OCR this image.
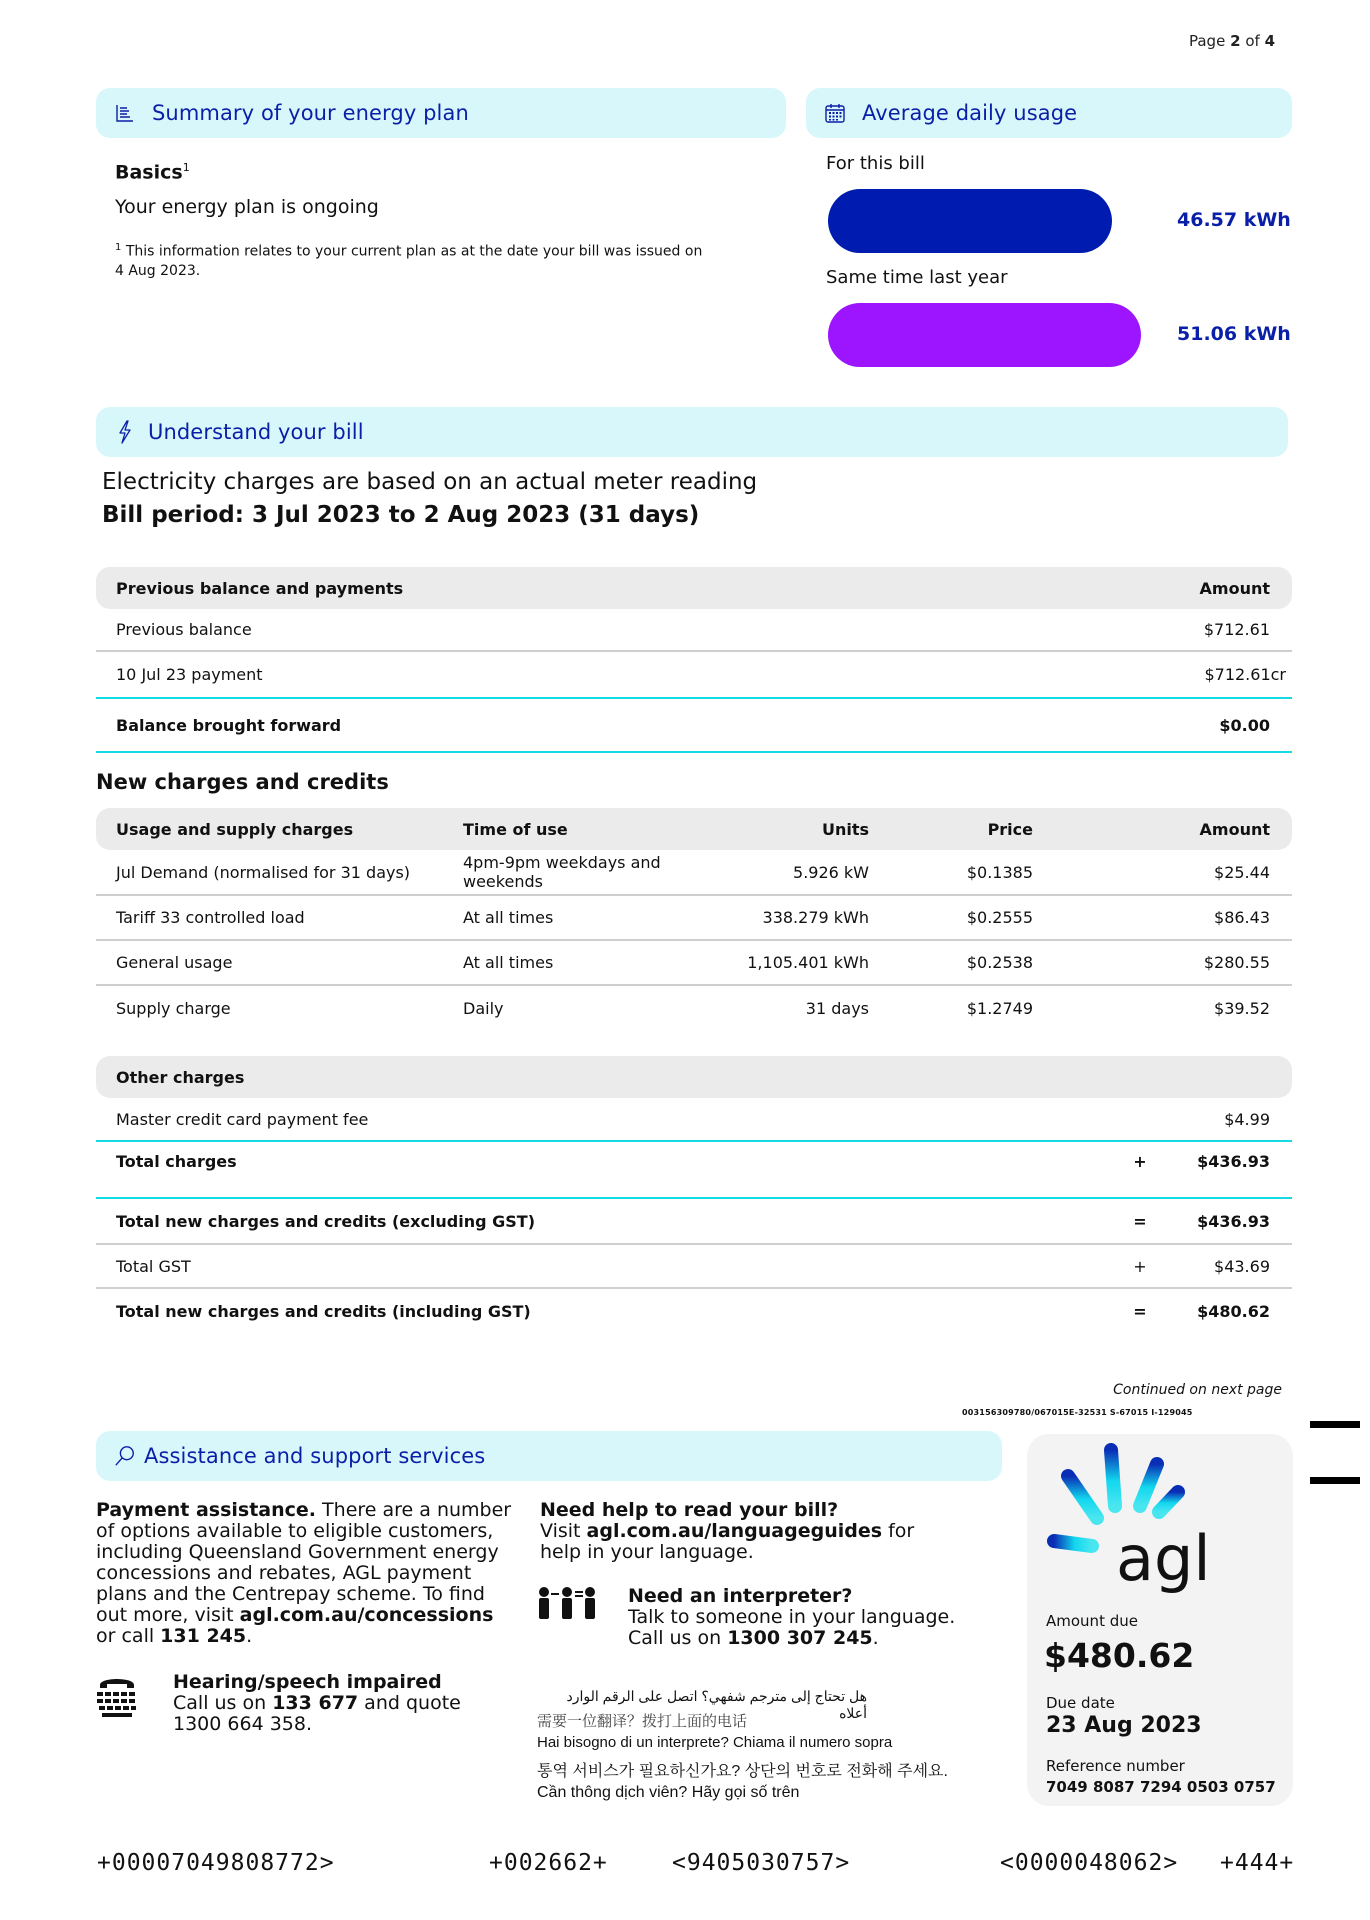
Page 2 of 4
Summary of your energy plan
Basics$^1$
Your energy plan is ongoing
$^1$ This information relates to your current plan as at the date your bill was issued on
4 Aug 2023.
Average daily usage
For this bill
46.57 kWh
Same time last year
51.06 kWh
Understand your bill
Electricity charges are based on an actual meter reading
Bill period: 3 Jul 2023 to 2 Aug 2023 (31 days)
Previous balance and payments	Amount
Previous balance	$712.61
10 Jul 23 payment	$712.61cr
Balance brought forward	$0.00
New charges and credits
Usage and supply charges	Time of use	Units	Price	Amount
Jul Demand (normalised for 31 days)	4pm-9pm weekdays and weekends	5.926 kW	$0.1385	$25.44
Tariff 33 controlled load	At all times	338.279 kWh	$0.2555	$86.43
General usage	At all times	1,105.401 kWh	$0.2538	$280.55
Supply charge	Daily	31 days	$1.2749	$39.52
Other charges
Master credit card payment fee	$4.99
Total charges	+	$436.93
Total new charges and credits (excluding GST)	=	$436.93
Total GST	+	$43.69
Total new charges and credits (including GST)	=	$480.62
Continued on next page
003156309780/067015E-32531 S-67015 I-129045
Assistance and support services
Payment assistance. There are a number of options available to eligible customers, including Queensland Government energy concessions and rebates, AGL payment plans and the Centrepay scheme. To find out more, visit agl.com.au/concessions or call 131 245.
Hearing/speech impaired
Call us on 133 677 and quote
1300 664 358.
Need help to read your bill?
Visit agl.com.au/languageguides for help in your language.
Need an interpreter?
Talk to someone in your language.
Call us on 1300 307 245.
هل تحتاج إلى مترجم شفهي؟ اتصل على الرقم الوارد أعلاه
需要一位翻译？拨打上面的电话
Hai bisogno di un interprete? Chiama il numero sopra
통역 서비스가 필요하신가요? 상단의 번호로 전화해 주세요.
Cần thông dịch viên? Hãy gọi số trên
agl
Amount due
$480.62
Due date
23 Aug 2023
Reference number
7049 8087 7294 0503 0757
+00007049808772>	+002662+	<9405030757>	<0000048062> +444+
